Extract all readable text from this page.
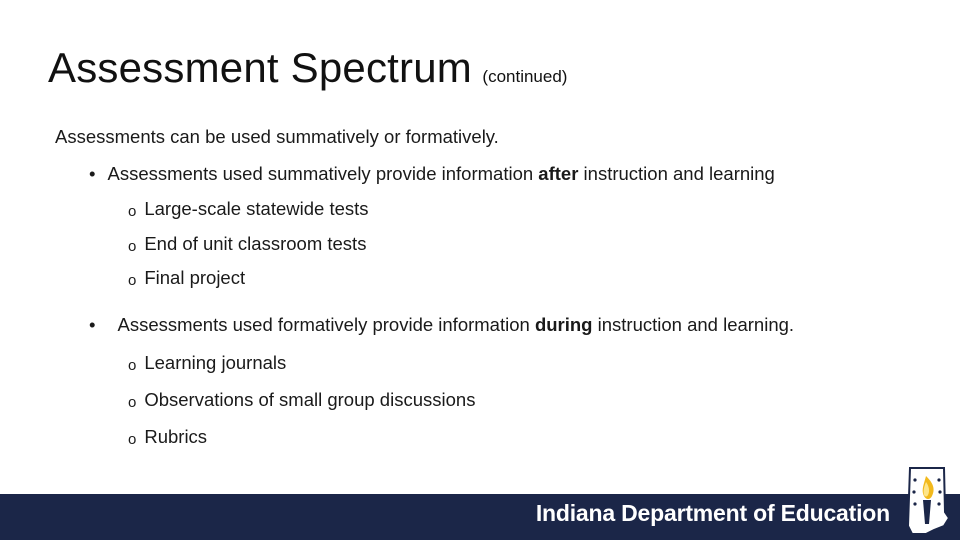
Assessment Spectrum (continued)
Assessments can be used summatively or formatively.
• Assessments used summatively provide information after instruction and learning
o Large-scale statewide tests
o End of unit classroom tests
o Final project
• Assessments used formatively provide information during instruction and learning.
o Learning journals
o Observations of small group discussions
o Rubrics
Indiana Department of Education
